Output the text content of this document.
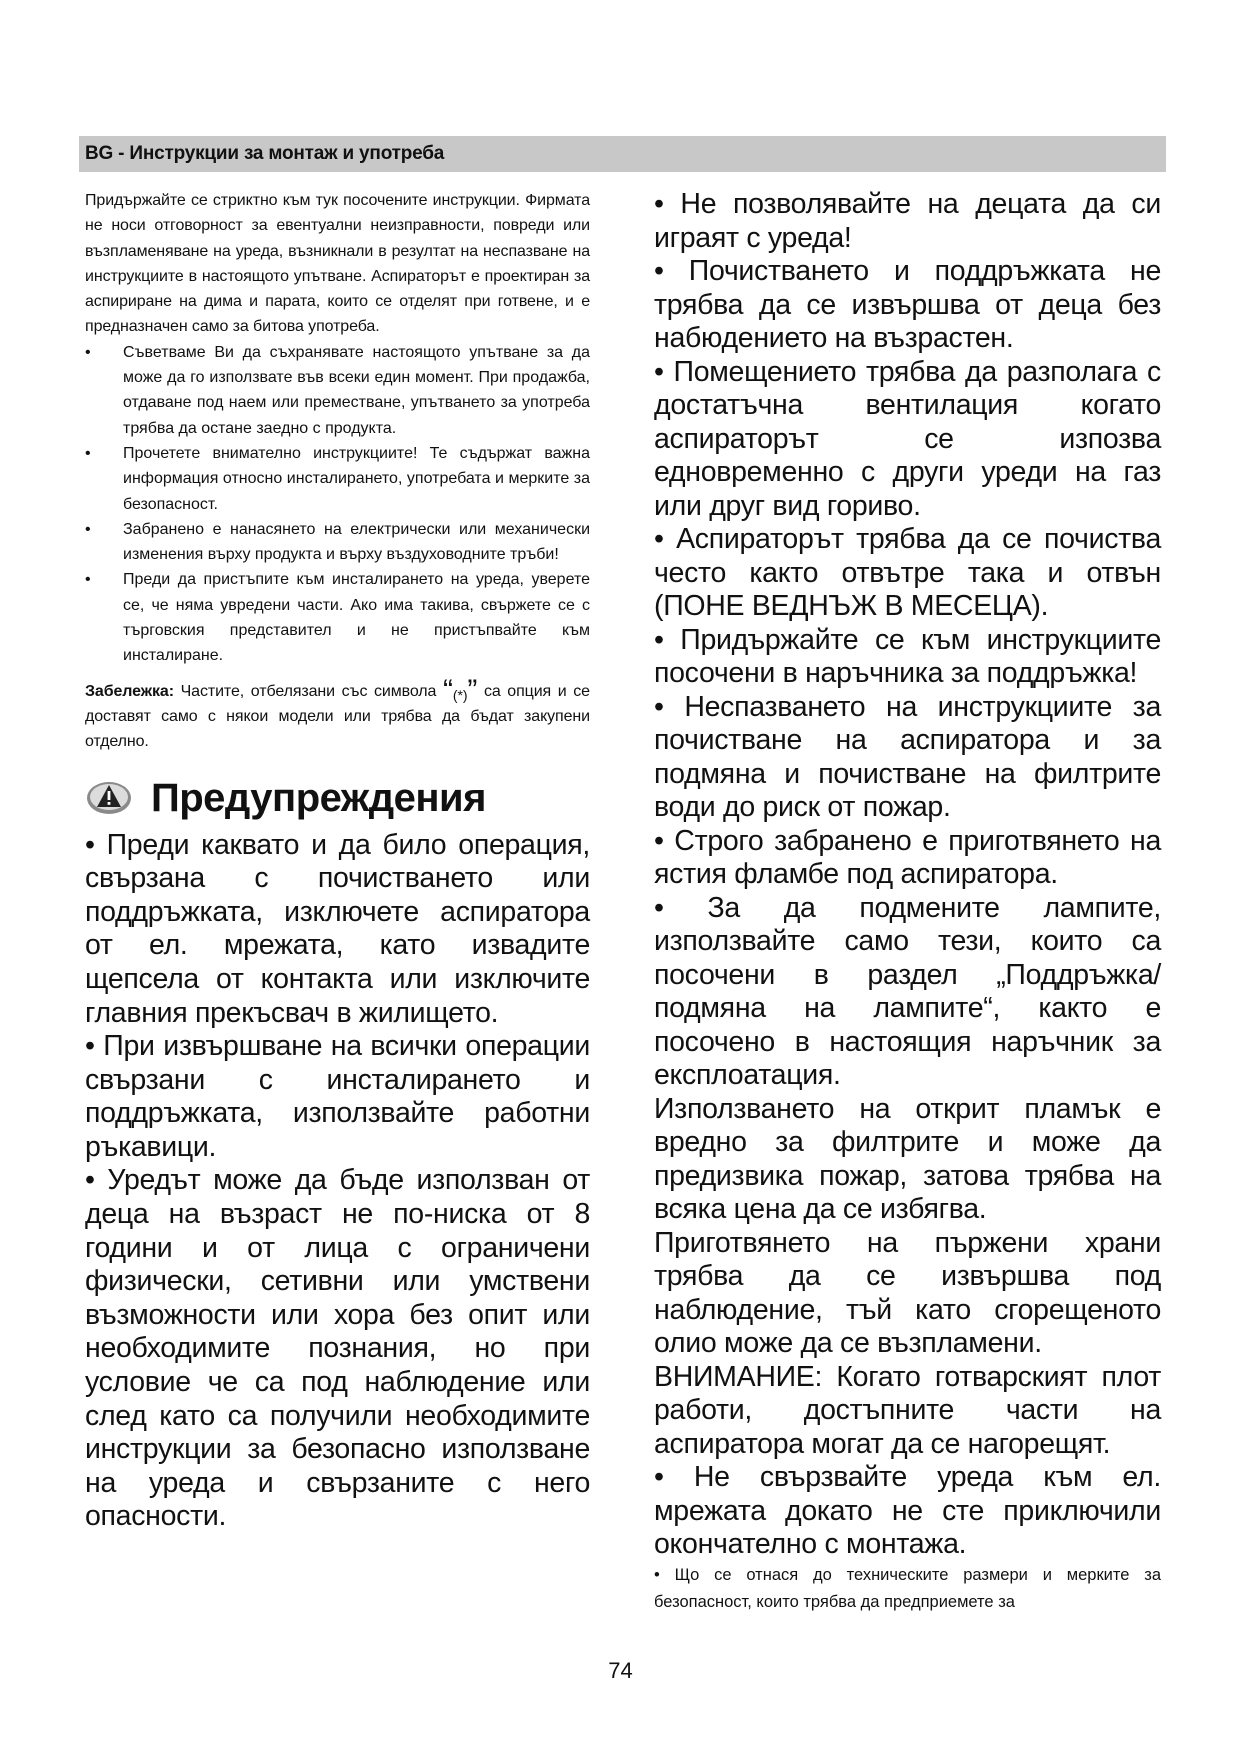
BG - Инструкции за монтаж и употреба

Придържайте се стриктно към тук посочените инструкции. Фирмата не носи отговорност за евентуални неизправности, повреди или възпламеняване на уреда, възникнали в резултат на неспазване на инструкциите в настоящото упътване. Аспираторът е проектиран за аспириране на дима и парата, които се отделят при готвене, и е предназначен само за битова употреба.

• Съветваме Ви да съхранявате настоящото упътване за да може да го използвате във всеки един момент. При продажба, отдаване под наем или преместване, упътването за употреба трябва да остане заедно с продукта.
• Прочетете внимателно инструкциите! Те съдържат важна информация относно инсталирането, употребата и мерките за безопасност.
• Забранено е нанасянето на електрически или механически изменения върху продукта и върху въздуховодните тръби!
• Преди да пристъпите към инсталирането на уреда, уверете се, че няма увредени части. Ако има такива, свържете се с търговския представител и не пристъпвайте към инсталиране.

Забележка: Частите, отбелязани със символа “(*)” са опция и се доставят само с някои модели или трябва да бъдат закупени отделно.

Предупреждения

• Преди каквато и да било операция, свързана с почистването или поддръжката, изключете аспиратора от ел. мрежата, като извадите щепсела от контакта или изключите главния прекъсвач в жилището.

• При извършване на всички операции свързани с инсталирането и поддръжката, използвайте работни ръкавици.

• Уредът може да бъде използван от деца на възраст не по-ниска от 8 години и от лица с ограничени физически, сетивни или умствени възможности или хора без опит или необходимите познания, но при условие че са под наблюдение или след като са получили необходимите инструкции за безопасно използване на уреда и свързаните с него опасности.

• Не позволявайте на децата да си играят с уреда!

• Почистването и поддръжката не трябва да се извършва от деца без набюдението на възрастен.

• Помещението трябва да разполага с достатъчна вентилация когато аспираторът се изпозва едновременно с други уреди на газ или друг вид гориво.

• Аспираторът трябва да се почиства често както отвътре така и отвън (ПОНЕ ВЕДНЪЖ В МЕСЕЦА).

• Придържайте се към инструкциите посочени в наръчника за поддръжка!

• Неспазването на инструкциите за почистване на аспиратора и за подмяна и почистване на филтрите води до риск от пожар.

• Строго забранено е приготвянето на ястия фламбе под аспиратора.

• За да подмените лампите, използвайте само тези, които са посочени в раздел „Поддръжка/подмяна на лампите“, както е посочено в настоящия наръчник за експлоатация.

Използването на открит пламък е вредно за филтрите и може да предизвика пожар, затова трябва на всяка цена да се избягва.

Приготвянето на пържени храни трябва да се извършва под наблюдение, тъй като сгорещеното олио може да се възпламени.

ВНИМАНИЕ: Когато готварският плот работи, достъпните части на аспиратора могат да се нагорещят.

• Не свързвайте уреда към ел. мрежата докато не сте приключили окончателно с монтажа.

• Що се отнася до техническите размери и мерките за безопасност, които трябва да предприемете за

74
